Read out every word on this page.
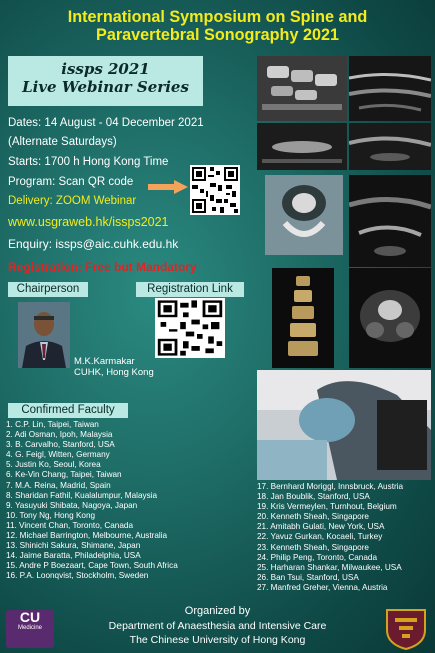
International Symposium on Spine and
Paravertebral Sonography 2021
issps 2021
Live Webinar Series
Dates: 14 August - 04 December 2021
(Alternate Saturdays)
Starts: 1700 h Hong Kong Time
Program: Scan QR code
Delivery: ZOOM Webinar
www.usgraweb.hk/issps2021
Enquiry: issps@aic.cuhk.edu.hk
Registration: Free but Mandatory
Chairperson
M.K.Karmakar
CUHK, Hong Kong
Registration Link
Confirmed Faculty
1. C.P. Lin, Taipei, Taiwan
2. Adi Osman, Ipoh, Malaysia
3. B. Carvalho, Stanford, USA
4. G. Feigl, Witten, Germany
5. Justin Ko, Seoul, Korea
6. Ke-Vin Chang, Taipei, Taiwan
7. M.A. Reina, Madrid, Spain
8. Sharidan Fathil, Kualalumpur, Malaysia
9. Yasuyuki Shibata, Nagoya, Japan
10. Tony Ng, Hong Kong
11. Vincent Chan, Toronto, Canada
12. Michael Barrington, Melbourne, Australia
13. Shinichi Sakura, Shimane, Japan
14. Jaime Baratta, Philadelphia, USA
15. Andre P Boezaart, Cape Town, South Africa
16. P.A. Loonqvist, Stockholm, Sweden
17. Bernhard Moriggl, Innsbruck, Austria
18. Jan Boublik, Stanford, USA
19. Kris Vermeylen, Turnhout, Belgium
20. Kenneth Sheah, Singapore
21. Amitabh Gulati, New York, USA
22. Yavuz Gurkan, Kocaeli, Turkey
23. Kenneth Sheah, Singapore
24. Philip Peng, Toronto, Canada
25. Harharan Shankar, Milwaukee, USA
26. Ban Tsui, Stanford, USA
27. Manfred Greher, Vienna, Austria
Organized by
Department of Anaesthesia and Intensive Care
The Chinese University of Hong Kong
CU
Medicine
